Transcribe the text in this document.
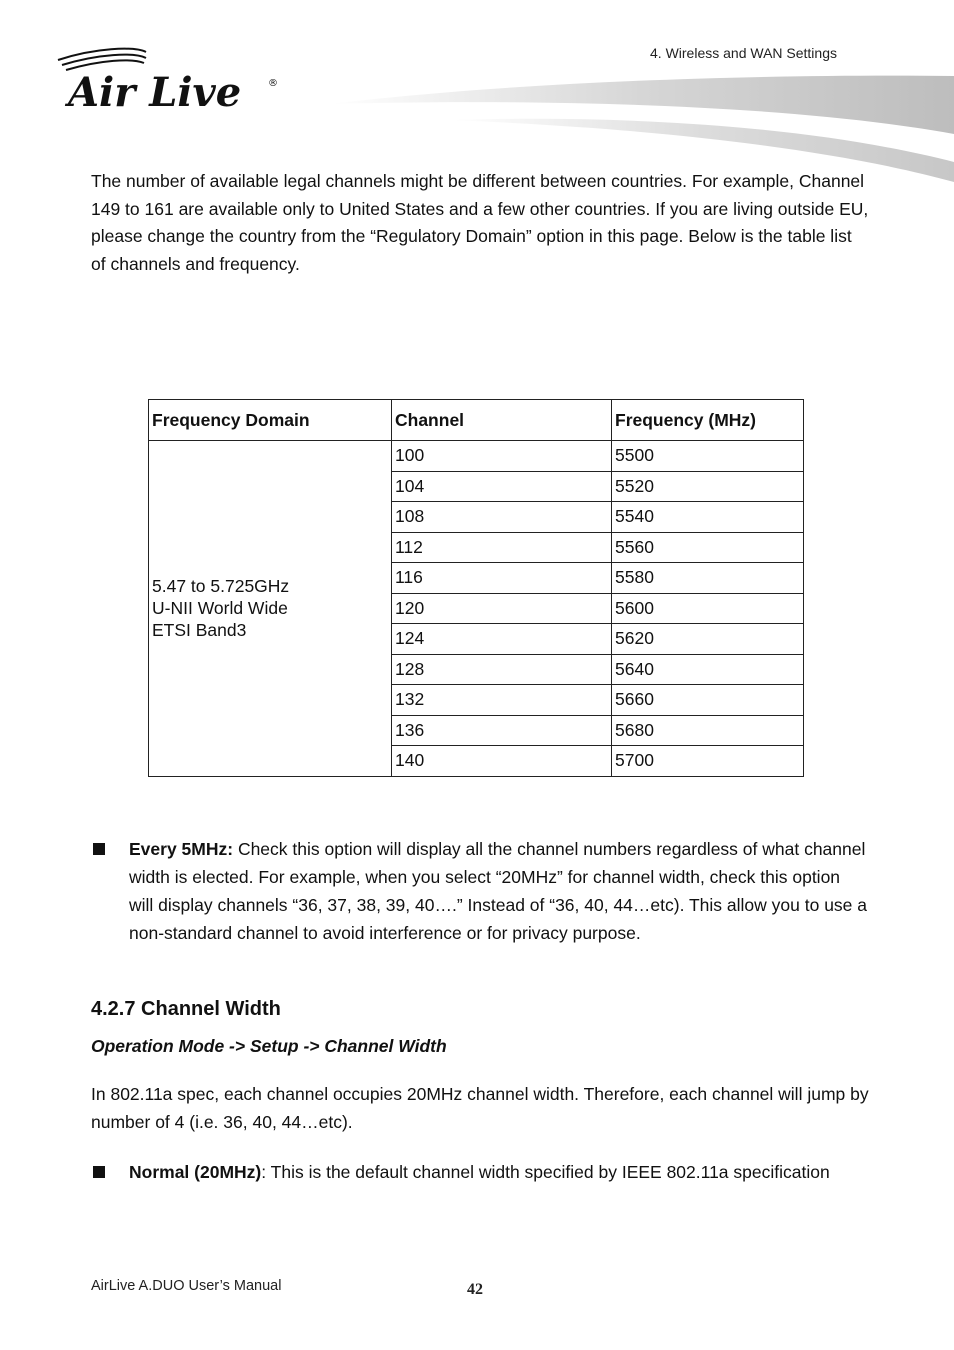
4. Wireless and WAN Settings
Air Live	®
The number of available legal channels might be different between countries. For example, Channel 149 to 161 are available only to United States and a few other countries. If you are living outside EU, please change the country from the “Regulatory Domain” option in this page. Below is the table list of channels and frequency.
Frequency Domain	Channel	Frequency (MHz)

5.47 to 5.725GHz
U-NII World Wide
ETSI Band3	100	5500
	104	5520
	108	5540
	112	5560
	116	5580
	120	5600
	124	5620
	128	5640
	132	5660
	136	5680
	140	5700
Every 5MHz: Check this option will display all the channel numbers regardless of what channel width is elected. For example, when you select “20MHz” for channel width, check this option will display channels “36, 37, 38, 39, 40….” Instead of “36, 40, 44…etc). This allow you to use a non-standard channel to avoid interference or for privacy purpose.
4.2.7 Channel Width
Operation Mode -> Setup -> Channel Width
In 802.11a spec, each channel occupies 20MHz channel width. Therefore, each channel will jump by number of 4 (i.e. 36, 40, 44…etc).
Normal (20MHz): This is the default channel width specified by IEEE 802.11a specification
AirLive A.DUO User’s Manual	42
